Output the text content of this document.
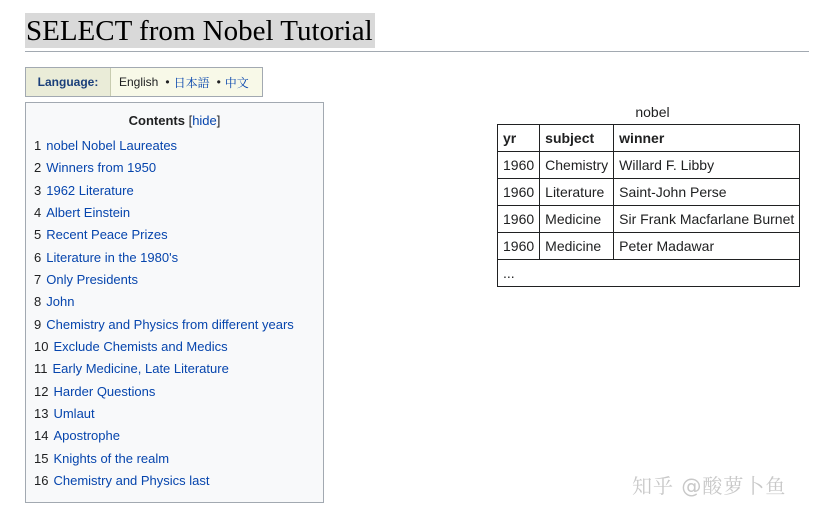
SELECT from Nobel Tutorial
Language:	English • 日本語 • 中文
Contents [hide]
1 nobel Nobel Laureates
2 Winners from 1950
3 1962 Literature
4 Albert Einstein
5 Recent Peace Prizes
6 Literature in the 1980's
7 Only Presidents
8 John
9 Chemistry and Physics from different years
10 Exclude Chemists and Medics
11 Early Medicine, Late Literature
12 Harder Questions
13 Umlaut
14 Apostrophe
15 Knights of the realm
16 Chemistry and Physics last
nobel
yr	subject	winner
1960	Chemistry	Willard F. Libby
1960	Literature	Saint-John Perse
1960	Medicine	Sir Frank Macfarlane Burnet
1960	Medicine	Peter Madawar
...		
知乎 @酸萝卜鱼
